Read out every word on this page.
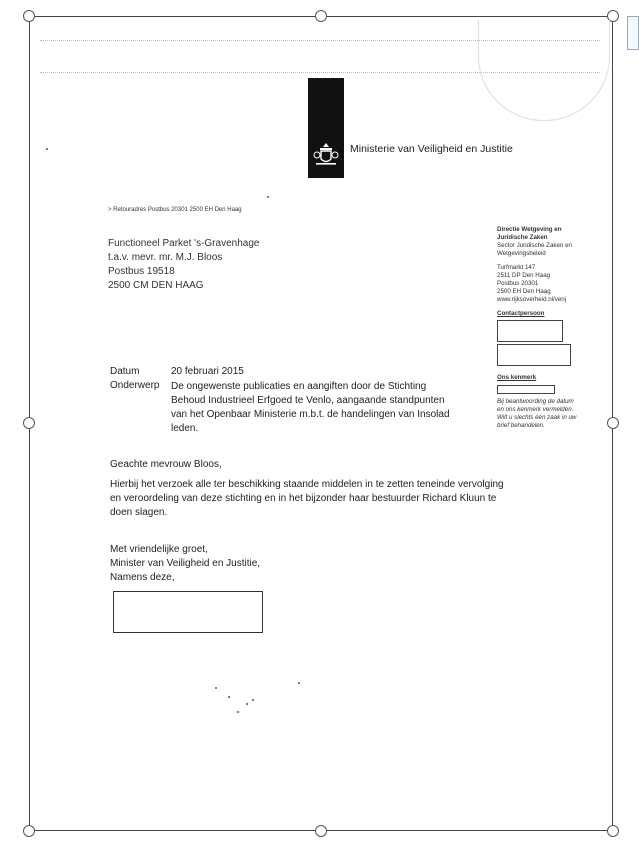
Ministerie van Veiligheid en Justitie
> Retouradres Postbus 20301 2500 EH Den Haag
Functioneel Parket 's-Gravenhage
t.a.v. mevr. mr. M.J. Bloos
Postbus 19518
2500 CM DEN HAAG
Directie Wetgeving en
Juridische Zaken
Sector Juridische Zaken en
Wetgevingsbeleid
Turfmarkt 147
2511 DP Den Haag
Postbus 20301
2500 EH Den Haag
www.rijksoverheid.nl/venj
Contactpersoon
Ons kenmerk
Bij beantwoording de datum
en ons kenmerk vermelden.
Wilt u slechts één zaak in uw
brief behandelen.
Datum	20 februari 2015
Onderwerp De ongewenste publicaties en aangiften door de Stichting Behoud Industrieel Erfgoed te Venlo, aangaande standpunten van het Openbaar Ministerie m.b.t. de handelingen van Insolad leden.
Geachte mevrouw Bloos,
Hierbij het verzoek alle ter beschikking staande middelen in te zetten teneinde vervolging en veroordeling van deze stichting en in het bijzonder haar bestuurder Richard Kluun te doen slagen.
Met vriendelijke groet,
Minister van Veiligheid en Justitie,
Namens deze,
